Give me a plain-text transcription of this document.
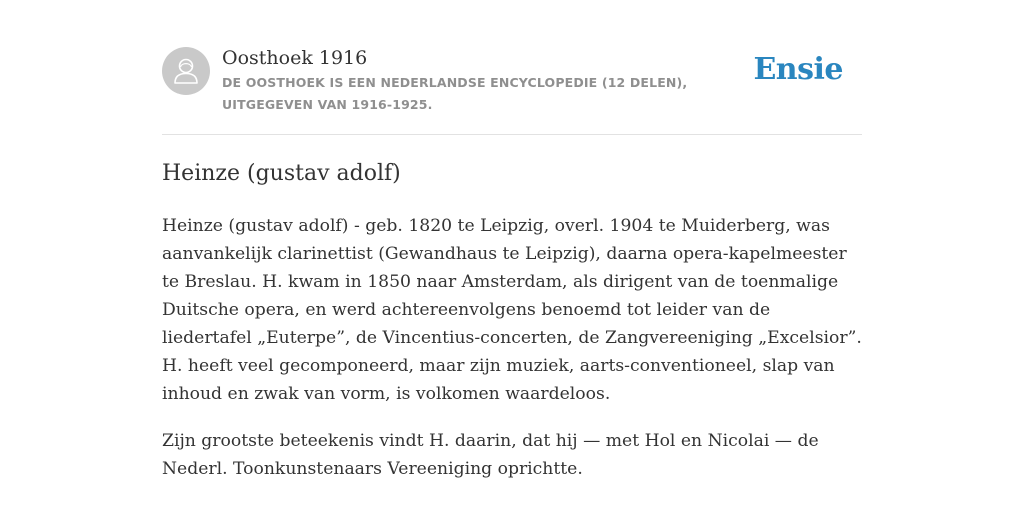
Oosthoek 1916
DE OOSTHOEK IS EEN NEDERLANDSE ENCYCLOPEDIE (12 DELEN), UITGEGEVEN VAN 1916-1925.
Ensie
Heinze (gustav adolf)

Heinze (gustav adolf) - geb. 1820 te Leipzig, overl. 1904 te Muiderberg, was aanvankelijk clarinettist (Gewandhaus te Leipzig), daarna opera-kapelmeester te Breslau. H. kwam in 1850 naar Amsterdam, als dirigent van de toenmalige Duitsche opera, en werd achtereenvolgens benoemd tot leider van de liedertafel „Euterpe”, de Vincentius-concerten, de Zangvereeniging „Excelsior”. H. heeft veel gecomponeerd, maar zijn muziek, aarts-conventioneel, slap van inhoud en zwak van vorm, is volkomen waardeloos.

Zijn grootste beteekenis vindt H. daarin, dat hij — met Hol en Nicolai — de Nederl. Toonkunstenaars Vereeniging oprichtte.
